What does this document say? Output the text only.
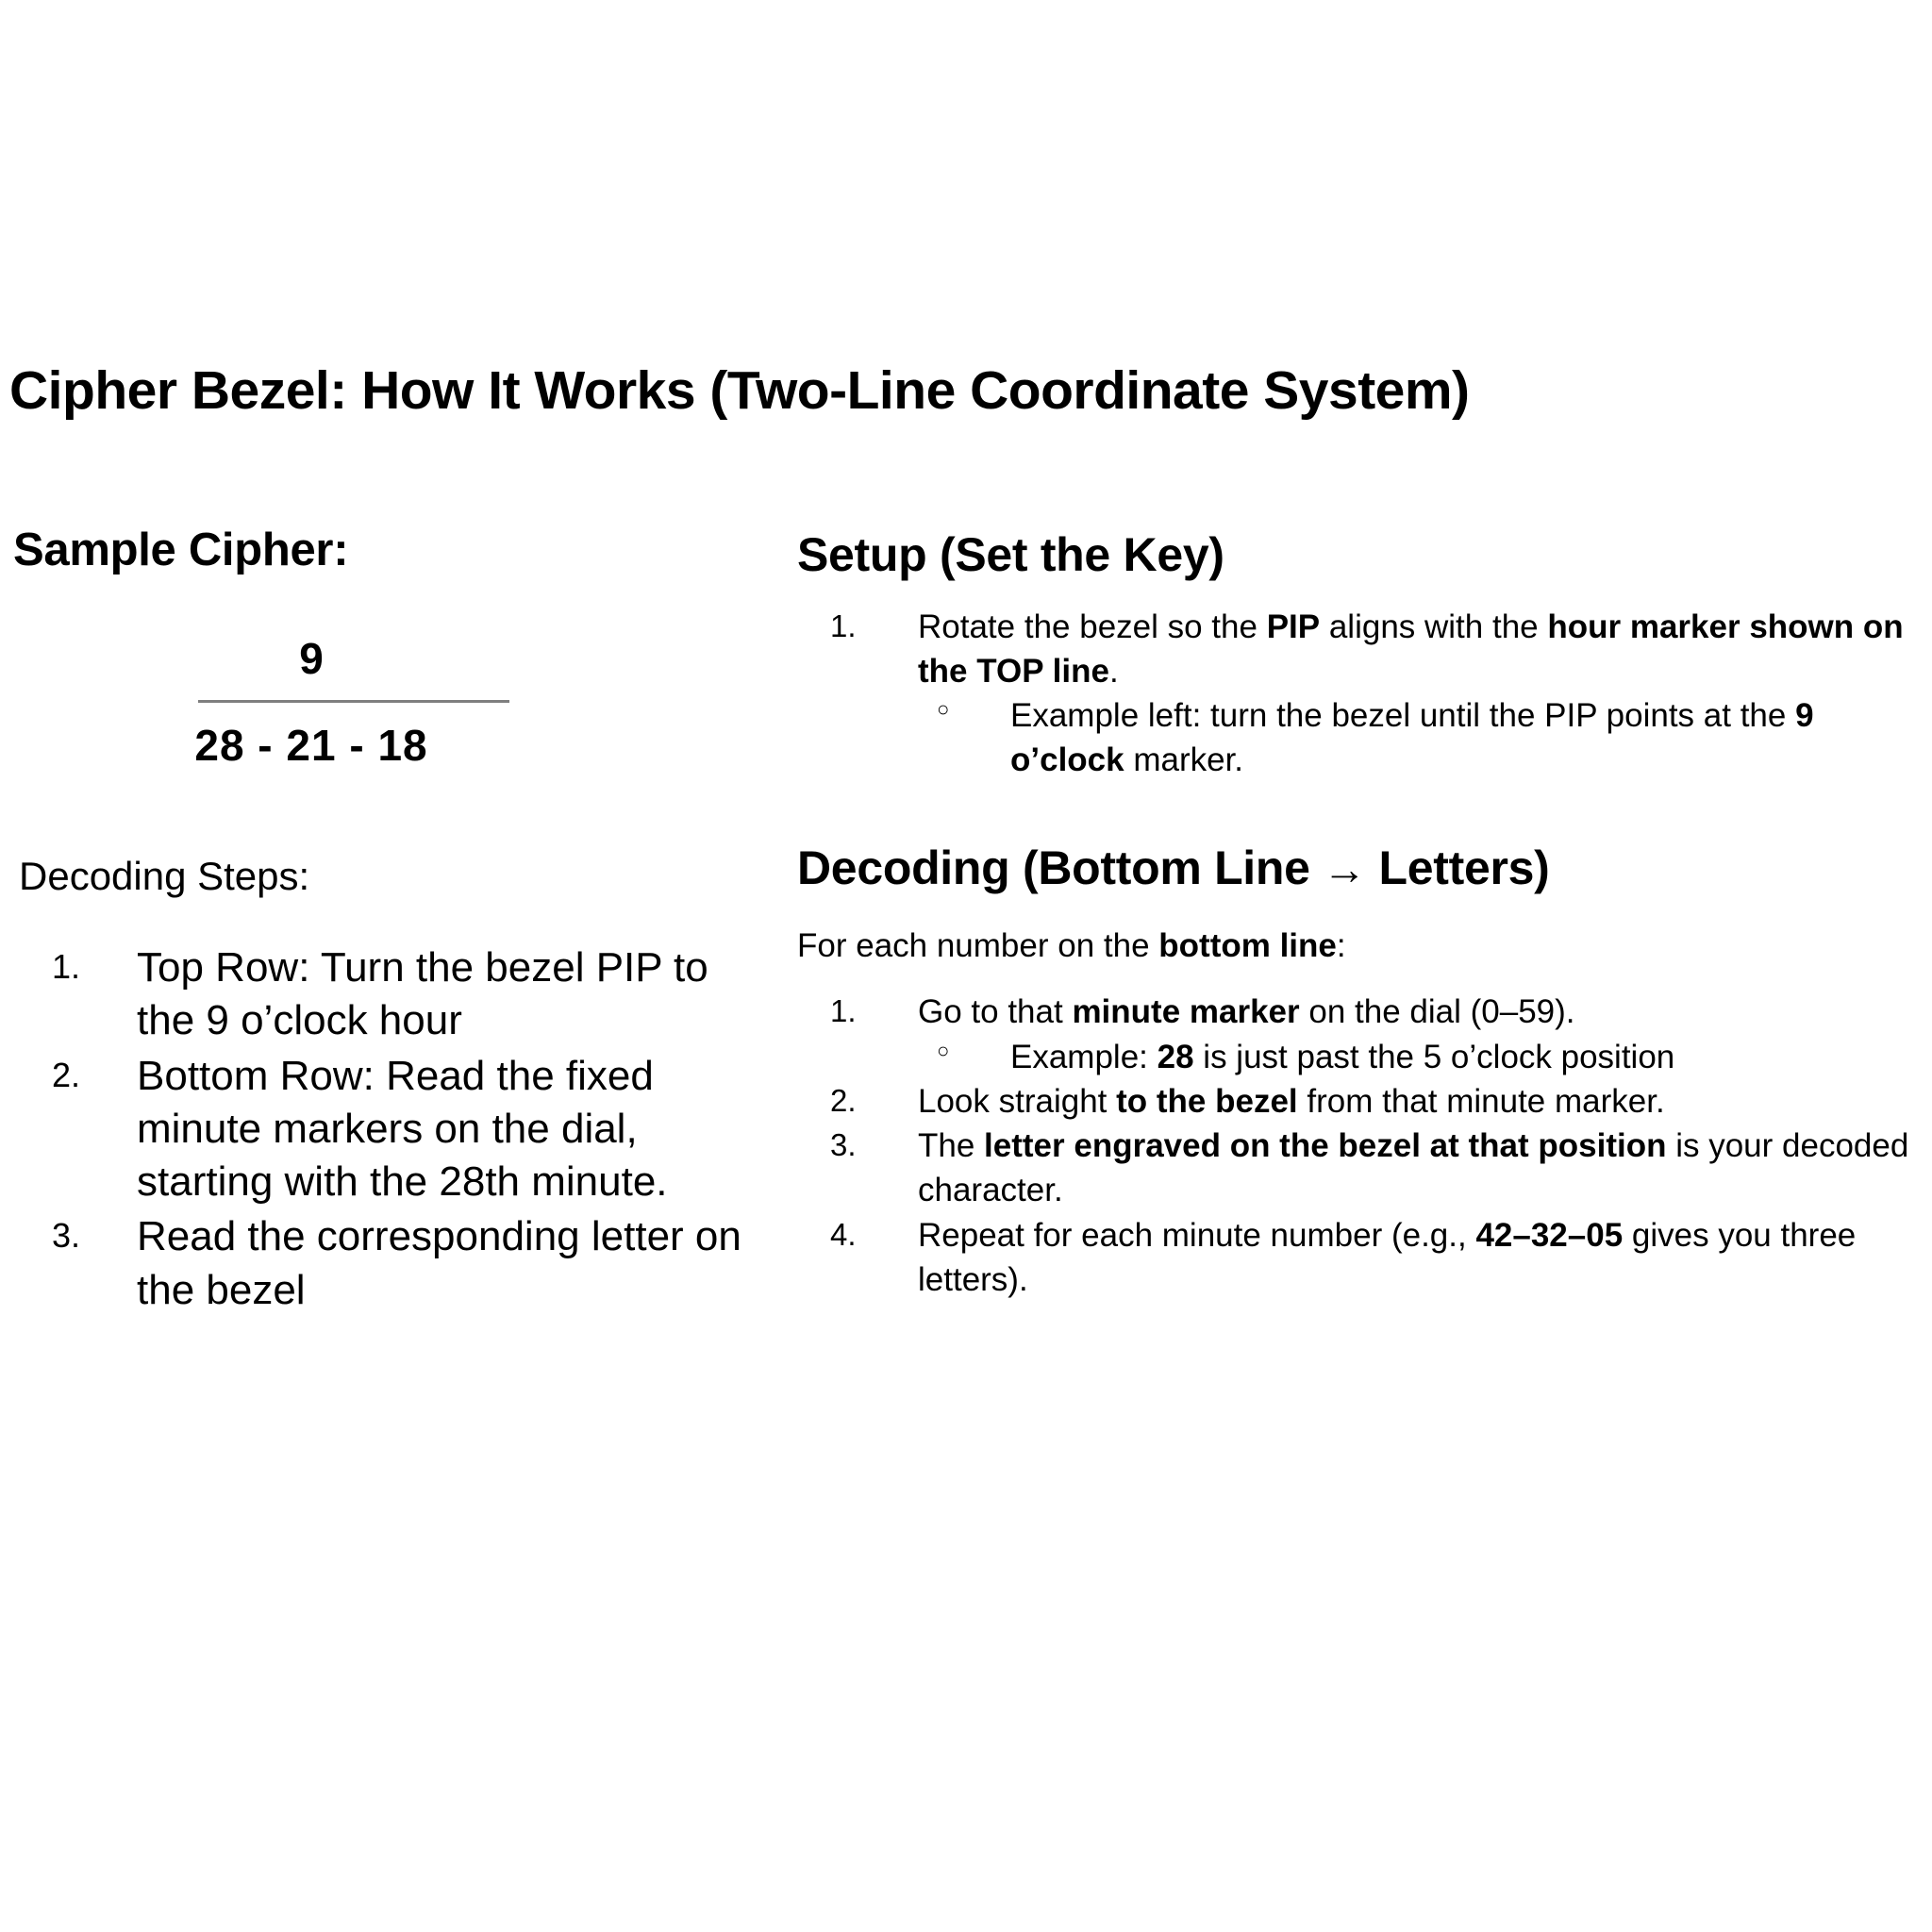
Cipher Bezel: How It Works (Two-Line Coordinate System)
Sample Cipher:
9
28 - 21 - 18
Decoding Steps:
Top Row: Turn the bezel PIP to the 9 o’clock hour
Bottom Row: Read the fixed minute markers on the dial, starting with the 28th minute.
Read the corresponding letter on the bezel
Setup (Set the Key)
Rotate the bezel so the PIP aligns with the hour marker shown on the TOP line.
○ Example left: turn the bezel until the PIP points at the 9 o’clock marker.
Decoding (Bottom Line → Letters)
For each number on the bottom line:
Go to that minute marker on the dial (0–59).
○ Example: 28 is just past the 5 o’clock position
Look straight to the bezel from that minute marker.
The letter engraved on the bezel at that position is your decoded character.
Repeat for each minute number (e.g., 42–32–05 gives you three letters).
